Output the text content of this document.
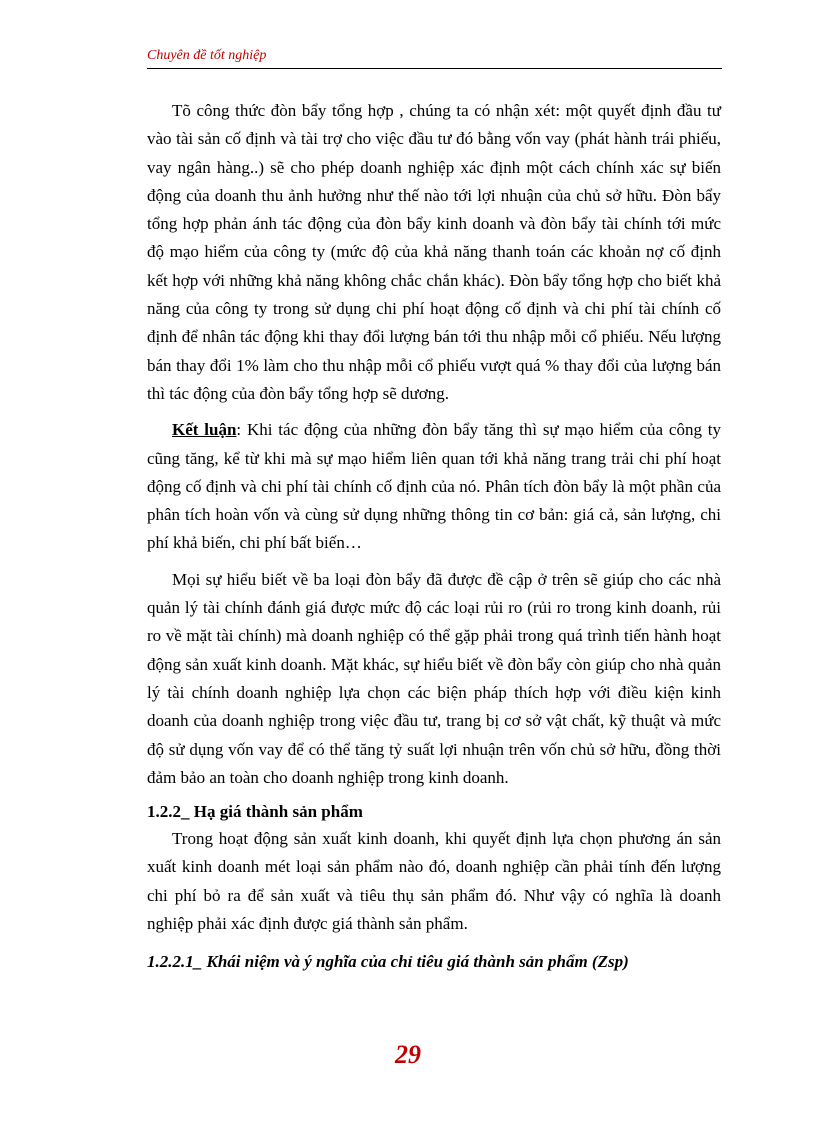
Chuyên đề tốt nghiệp

Tõ công thức đòn bẩy tổng hợp , chúng ta có nhận xét: một quyết định đầu tư vào tài sản cố định và tài trợ cho việc đầu tư đó bằng vốn vay (phát hành trái phiếu, vay ngân hàng..) sẽ cho phép doanh nghiệp xác định một cách chính xác sự biến động của doanh thu ảnh hưởng như thế nào tới lợi nhuận của chủ sở hữu. Đòn bẩy tổng hợp phản ánh tác động của đòn bẩy kinh doanh và đòn bẩy tài chính tới mức độ mạo hiểm của công ty (mức độ của khả năng thanh toán các khoản nợ cố định kết hợp với những khả năng không chắc chắn khác). Đòn bẩy tổng hợp cho biết khả năng của công ty trong sử dụng chi phí hoạt động cố định và chi phí tài chính cố định để nhân tác động khi thay đổi lượng bán tới thu nhập mỗi cổ phiếu. Nếu lượng bán thay đổi 1% làm cho thu nhập mỗi cổ phiếu vượt quá % thay đổi của lượng bán thì tác động của đòn bẩy tổng hợp sẽ dương.

Kết luận: Khi tác động của những đòn bẩy tăng thì sự mạo hiểm của công ty cũng tăng, kể từ khi mà sự mạo hiểm liên quan tới khả năng trang trải chi phí hoạt động cố định và chi phí tài chính cố định của nó. Phân tích đòn bẩy là một phần của phân tích hoàn vốn và cùng sử dụng những thông tin cơ bản: giá cả, sản lượng, chi phí khả biến, chi phí bất biến…

Mọi sự hiểu biết về ba loại đòn bẩy đã được đề cập ở trên sẽ giúp cho các nhà quản lý tài chính đánh giá được mức độ các loại rủi ro (rủi ro trong kinh doanh, rủi ro về mặt tài chính) mà doanh nghiệp có thể gặp phải trong quá trình tiến hành hoạt động sản xuất kinh doanh. Mặt khác, sự hiểu biết về đòn bẩy còn giúp cho nhà quản lý tài chính doanh nghiệp lựa chọn các biện pháp thích hợp với điều kiện kinh doanh của doanh nghiệp trong việc đầu tư, trang bị cơ sở vật chất, kỹ thuật và mức độ sử dụng vốn vay để có thể tăng tỷ suất lợi nhuận trên vốn chủ sở hữu, đồng thời đảm bảo an toàn cho doanh nghiệp trong kinh doanh.

1.2.2_ Hạ giá thành sản phẩm

Trong hoạt động sản xuất kinh doanh, khi quyết định lựa chọn phương án sản xuất kinh doanh mét loại sản phẩm nào đó, doanh nghiệp cần phải tính đến lượng chi phí bỏ ra để sản xuất và tiêu thụ sản phẩm đó. Như vậy có nghĩa là doanh nghiệp phải xác định được giá thành sản phẩm.

1.2.2.1_ Khái niệm và ý nghĩa của chỉ tiêu giá thành sản phẩm (Zsp)

29
